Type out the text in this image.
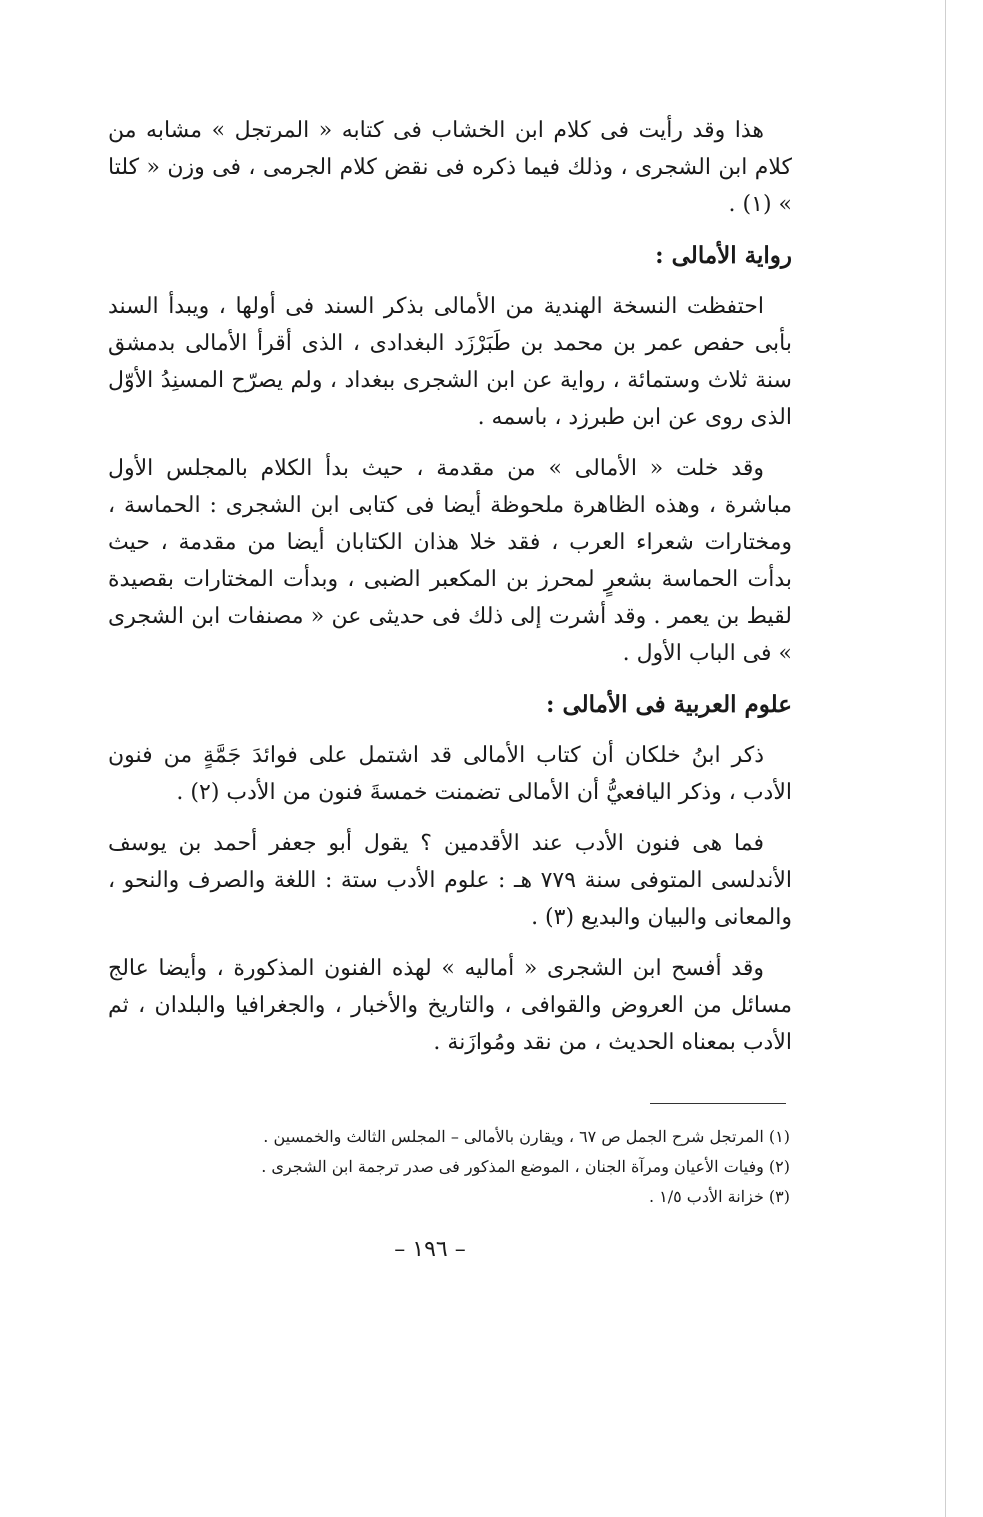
هذا وقد رأيت فى كلام ابن الخشاب فى كتابه « المرتجل » مشابه من كلام ابن الشجرى ، وذلك فيما ذكره فى نقض كلام الجرمى ، فى وزن « كلتا » (١) .

رواية الأمالى :

احتفظت النسخة الهندية من الأمالى بذكر السند فى أولها ، ويبدأ السند بأبى حفص عمر بن محمد بن طَبَرْزَد البغدادى ، الذى أقرأ الأمالى بدمشق سنة ثلاث وستمائة ، رواية عن ابن الشجرى ببغداد ، ولم يصرّح المسنِدُ الأوّل الذى روى عن ابن طبرزد ، باسمه .

وقد خلت « الأمالى » من مقدمة ، حيث بدأ الكلام بالمجلس الأول مباشرة ، وهذه الظاهرة ملحوظة أيضا فى كتابى ابن الشجرى : الحماسة ، ومختارات شعراء العرب ، فقد خلا هذان الكتابان أيضا من مقدمة ، حيث بدأت الحماسة بشعرٍ لمحرز بن المكعبر الضبى ، وبدأت المختارات بقصيدة لقيط بن يعمر . وقد أشرت إلى ذلك فى حديثى عن « مصنفات ابن الشجرى » فى الباب الأول .

علوم العربية فى الأمالى :

ذكر ابنُ خلكان أن كتاب الأمالى قد اشتمل على فوائدَ جَمَّةٍ من فنون الأدب ، وذكر اليافعيُّ أن الأمالى تضمنت خمسةَ فنون من الأدب (٢) .

فما هى فنون الأدب عند الأقدمين ؟ يقول أبو جعفر أحمد بن يوسف الأندلسى المتوفى سنة ٧٧٩ هـ : علوم الأدب ستة : اللغة والصرف والنحو ، والمعانى والبيان والبديع (٣) .

وقد أفسح ابن الشجرى « أماليه » لهذه الفنون المذكورة ، وأيضا عالج مسائل من العروض والقوافى ، والتاريخ والأخبار ، والجغرافيا والبلدان ، ثم الأدب بمعناه الحديث ، من نقد ومُوازَنة .

(١) المرتجل شرح الجمل ص ٦٧ ، ويقارن بالأمالى – المجلس الثالث والخمسين .

(٢) وفيات الأعيان ومرآة الجنان ، الموضع المذكور فى صدر ترجمة ابن الشجرى .

(٣) خزانة الأدب ١/٥ .

– ١٩٦ –
